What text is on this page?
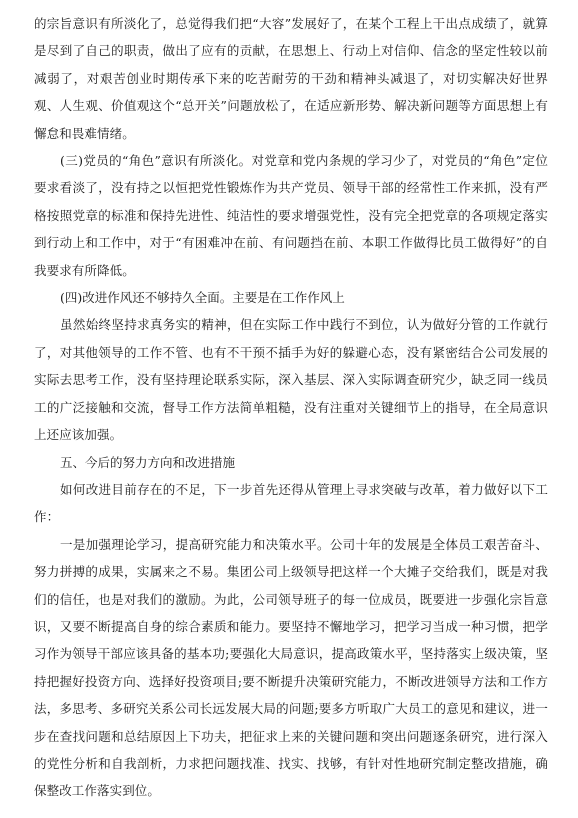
的宗旨意识有所淡化了，总觉得我们把“大容”发展好了，在某个工程上干出点成绩了，就算是尽到了自己的职责，做出了应有的贡献，在思想上、行动上对信仰、信念的坚定性较以前减弱了，对艰苦创业时期传承下来的吃苦耐劳的干劲和精神头减退了，对切实解决好世界观、人生观、价值观这个“总开关”问题放松了，在适应新形势、解决新问题等方面思想上有懈怠和畏难情绪。

(三)党员的“角色”意识有所淡化。对党章和党内条规的学习少了，对党员的“角色”定位要求看淡了，没有持之以恒把党性锻炼作为共产党员、领导干部的经常性工作来抓，没有严格按照党章的标准和保持先进性、纯洁性的要求增强党性，没有完全把党章的各项规定落实到行动上和工作中，对于“有困难冲在前、有问题挡在前、本职工作做得比员工做得好”的自我要求有所降低。

(四)改进作风还不够持久全面。主要是在工作作风上

虽然始终坚持求真务实的精神，但在实际工作中践行不到位，认为做好分管的工作就行了，对其他领导的工作不管、也有不干预不插手为好的躲避心态，没有紧密结合公司发展的实际去思考工作，没有坚持理论联系实际，深入基层、深入实际调查研究少，缺乏同一线员工的广泛接触和交流，督导工作方法简单粗糙，没有注重对关键细节上的指导，在全局意识上还应该加强。

五、今后的努力方向和改进措施

如何改进目前存在的不足，下一步首先还得从管理上寻求突破与改革，着力做好以下工作：

一是加强理论学习，提高研究能力和决策水平。公司十年的发展是全体员工艰苦奋斗、努力拼搏的成果，实属来之不易。集团公司上级领导把这样一个大摊子交给我们，既是对我们的信任，也是对我们的激励。为此，公司领导班子的每一位成员，既要进一步强化宗旨意识，又要不断提高自身的综合素质和能力。要坚持不懈地学习，把学习当成一种习惯，把学习作为领导干部应该具备的基本功;要强化大局意识，提高政策水平，坚持落实上级决策，坚持把握好投资方向、选择好投资项目;要不断提升决策研究能力，不断改进领导方法和工作方法，多思考、多研究关系公司长远发展大局的问题;要多方听取广大员工的意见和建议，进一步在查找问题和总结原因上下功夫，把征求上来的关键问题和突出问题逐条研究，进行深入的党性分析和自我剖析，力求把问题找准、找实、找够，有针对性地研究制定整改措施，确保整改工作落实到位。
